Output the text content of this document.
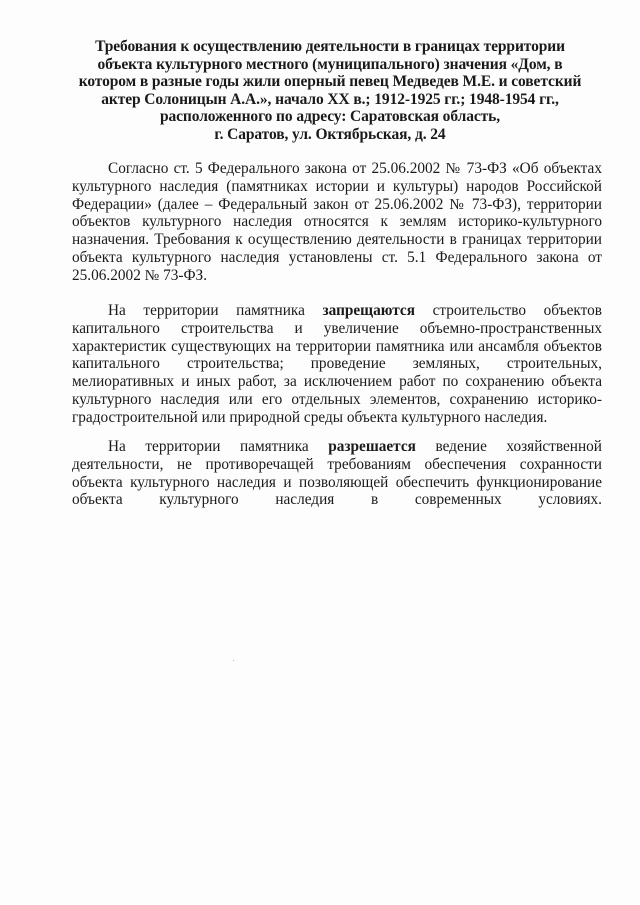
Требования к осуществлению деятельности в границах территории
объекта культурного местного (муниципального) значения «Дом, в
котором в разные годы жили оперный певец Медведев М.Е. и советский
актер Солоницын А.А.», начало XX в.; 1912-1925 гг.; 1948-1954 гг.,
расположенного по адресу: Саратовская область,
г. Саратов, ул. Октябрьская, д. 24
Согласно ст. 5 Федерального закона от 25.06.2002 № 73-ФЗ «Об объектах
культурного наследия (памятниках истории и культуры) народов Российской
Федерации» (далее – Федеральный закон от 25.06.2002 № 73-ФЗ), территории
объектов культурного наследия относятся к землям историко-культурного
назначения. Требования к осуществлению деятельности в границах территории
объекта культурного наследия установлены ст. 5.1 Федерального закона от
25.06.2002 № 73-ФЗ.
На территории памятника запрещаются строительство объектов
капитального строительства и увеличение объемно-пространственных
характеристик существующих на территории памятника или ансамбля объектов
капитального строительства; проведение земляных, строительных,
мелиоративных и иных работ, за исключением работ по сохранению объекта
культурного наследия или его отдельных элементов, сохранению историко-
градостроительной или природной среды объекта культурного наследия.
На территории памятника разрешается ведение хозяйственной
деятельности, не противоречащей требованиям обеспечения сохранности
объекта культурного наследия и позволяющей обеспечить функционирование
объекта культурного наследия в современных условиях.
